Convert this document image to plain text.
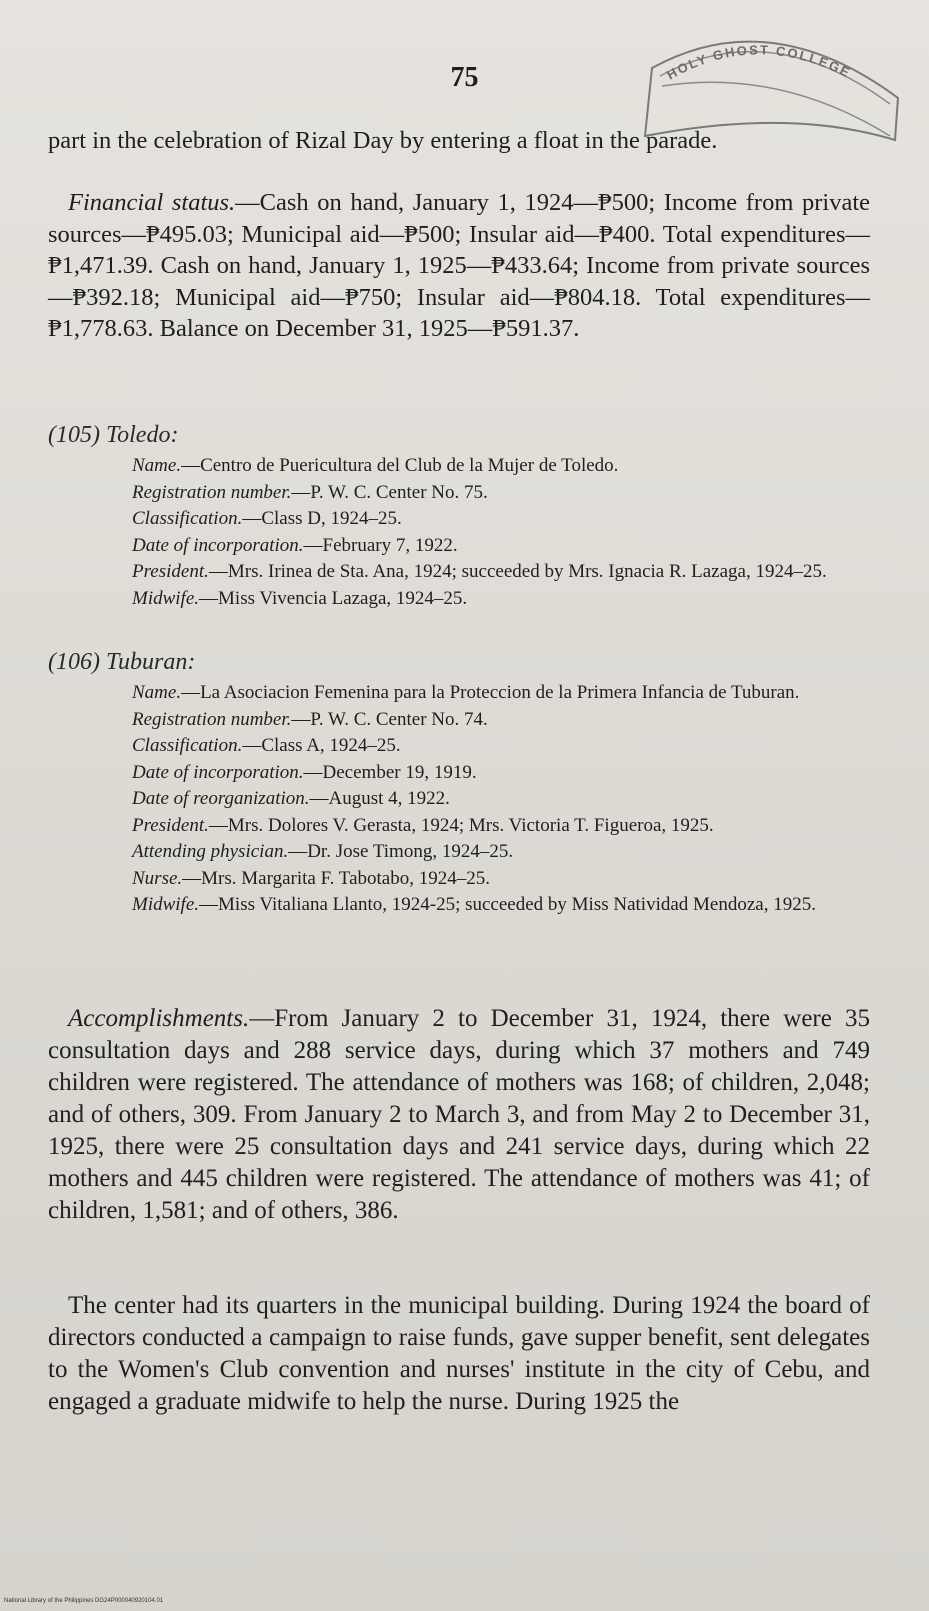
HOLY GHOST COLLEGE
75
part in the celebration of Rizal Day by entering a float in the parade.
Financial status.—Cash on hand, January 1, 1924—₱500; Income from private sources—₱495.03; Municipal aid—₱500; Insular aid—₱400. Total expenditures—₱1,471.39. Cash on hand, January 1, 1925—₱433.64; Income from private sources—₱392.18; Municipal aid—₱750; Insular aid—₱804.18. Total expenditures—₱1,778.63. Balance on December 31, 1925—₱591.37.
(105) Toledo:
Name.—Centro de Puericultura del Club de la Mujer de Toledo.
Registration number.—P. W. C. Center No. 75.
Classification.—Class D, 1924–25.
Date of incorporation.—February 7, 1922.
President.—Mrs. Irinea de Sta. Ana, 1924; succeeded by Mrs. Ignacia R. Lazaga, 1924–25.
Midwife.—Miss Vivencia Lazaga, 1924–25.
(106) Tuburan:
Name.—La Asociacion Femenina para la Proteccion de la Primera Infancia de Tuburan.
Registration number.—P. W. C. Center No. 74.
Classification.—Class A, 1924–25.
Date of incorporation.—December 19, 1919.
Date of reorganization.—August 4, 1922.
President.—Mrs. Dolores V. Gerasta, 1924; Mrs. Victoria T. Figueroa, 1925.
Attending physician.—Dr. Jose Timong, 1924–25.
Nurse.—Mrs. Margarita F. Tabotabo, 1924–25.
Midwife.—Miss Vitaliana Llanto, 1924-25; succeeded by Miss Natividad Mendoza, 1925.
Accomplishments.—From January 2 to December 31, 1924, there were 35 consultation days and 288 service days, during which 37 mothers and 749 children were registered. The attendance of mothers was 168; of children, 2,048; and of others, 309. From January 2 to March 3, and from May 2 to December 31, 1925, there were 25 consultation days and 241 service days, during which 22 mothers and 445 children were registered. The attendance of mothers was 41; of children, 1,581; and of others, 386.
The center had its quarters in the municipal building. During 1924 the board of directors conducted a campaign to raise funds, gave supper benefit, sent delegates to the Women's Club convention and nurses' institute in the city of Cebu, and engaged a graduate midwife to help the nurse. During 1925 the
National Library of the Philippines DG24P000040920104.01
